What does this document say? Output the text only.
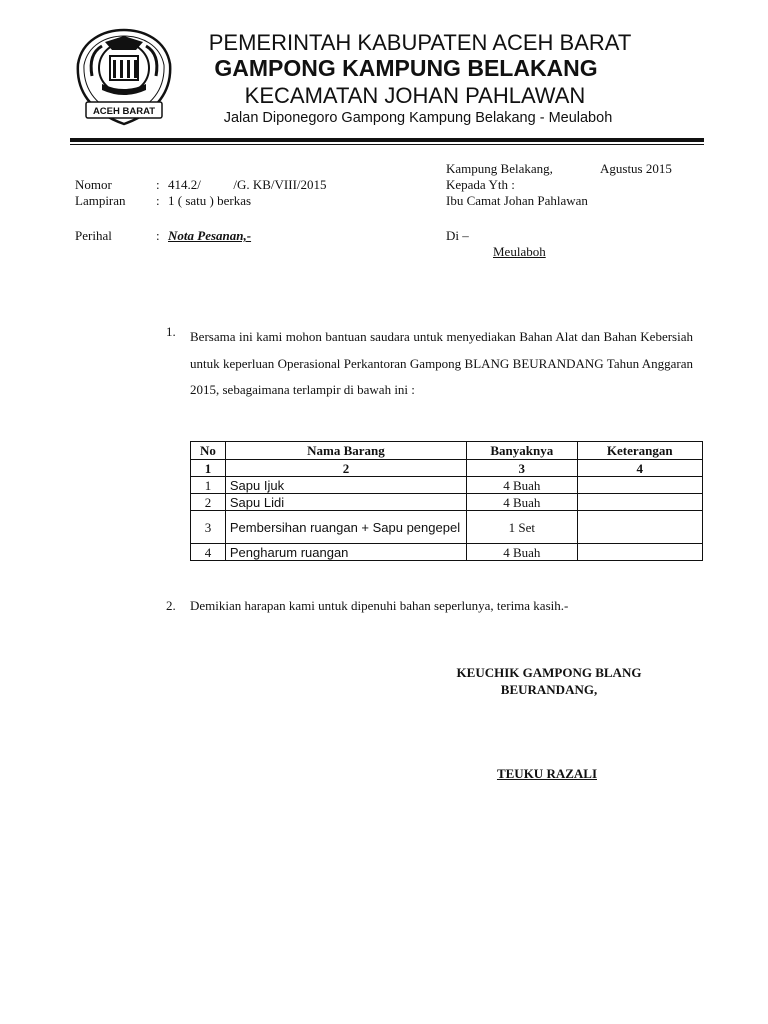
ACEH BARAT
PEMERINTAH KABUPATEN ACEH BARAT
GAMPONG KAMPUNG BELAKANG
KECAMATAN JOHAN PAHLAWAN
Jalan Diponegoro Gampong Kampung Belakang - Meulaboh
Kampung Belakang,	Agustus 2015
Nomor	: 414.2/          /G. KB/VIII/2015	Kepada Yth :
Lampiran : 1 ( satu ) berkas	Ibu Camat Johan Pahlawan
Perihal	: Nota Pesanan,-	Di –
Meulaboh
1. Bersama ini kami mohon bantuan saudara untuk menyediakan Bahan Alat dan Bahan Kebersiah untuk keperluan Operasional Perkantoran Gampong BLANG BEURANDANG Tahun Anggaran 2015, sebagaimana terlampir di bawah ini :
No	Nama Barang	Banyaknya	Keterangan
1	2	3	4
1	Sapu Ijuk	4 Buah	
2	Sapu Lidi	4 Buah	
3	Pembersihan ruangan + Sapu pengepel	1 Set	
4	Pengharum ruangan	4 Buah	
2. Demikian harapan kami untuk dipenuhi bahan seperlunya, terima kasih.-
KEUCHIK GAMPONG BLANG
BEURANDANG,
TEUKU RAZALI
